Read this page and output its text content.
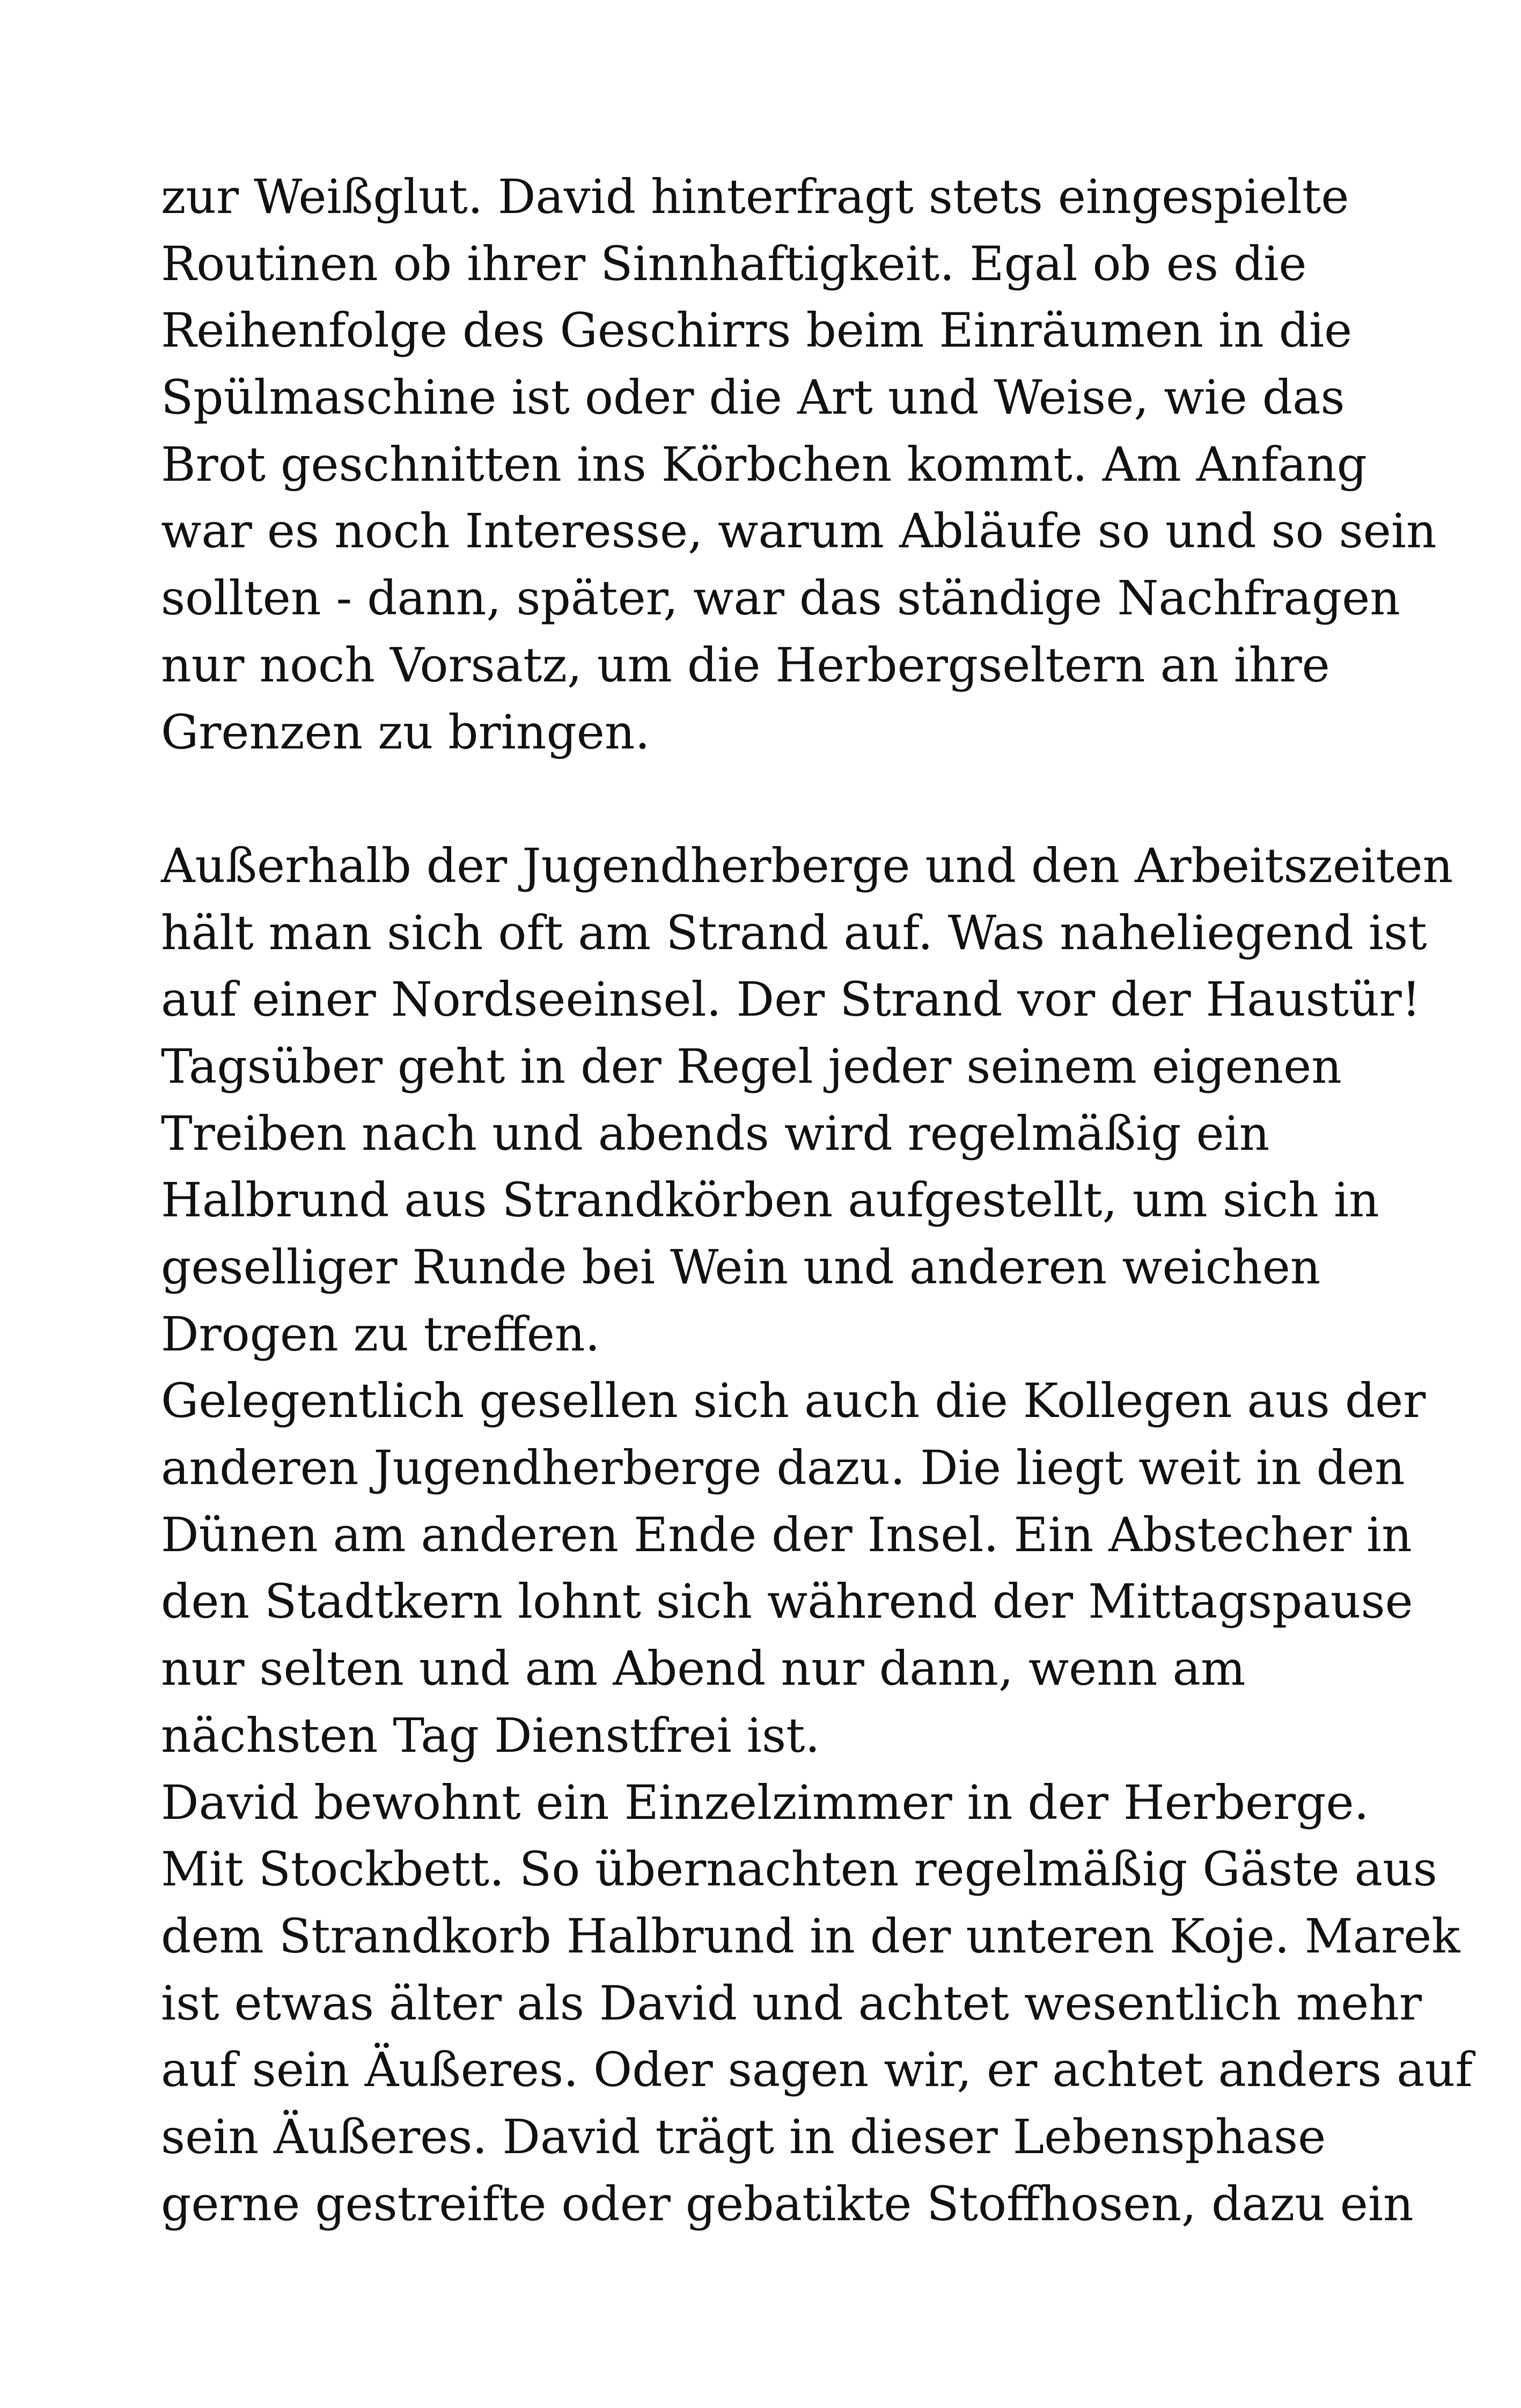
zur Weißglut. David hinterfragt stets eingespielte
Routinen ob ihrer Sinnhaftigkeit. Egal ob es die
Reihenfolge des Geschirrs beim Einräumen in die
Spülmaschine ist oder die Art und Weise, wie das
Brot geschnitten ins Körbchen kommt. Am Anfang
war es noch Interesse, warum Abläufe so und so sein
sollten - dann, später, war das ständige Nachfragen
nur noch Vorsatz, um die Herbergseltern an ihre
Grenzen zu bringen.
Außerhalb der Jugendherberge und den Arbeitszeiten
hält man sich oft am Strand auf. Was naheliegend ist
auf einer Nordseeinsel. Der Strand vor der Haustür!
Tagsüber geht in der Regel jeder seinem eigenen
Treiben nach und abends wird regelmäßig ein
Halbrund aus Strandkörben aufgestellt, um sich in
geselliger Runde bei Wein und anderen weichen
Drogen zu treffen.
Gelegentlich gesellen sich auch die Kollegen aus der
anderen Jugendherberge dazu. Die liegt weit in den
Dünen am anderen Ende der Insel. Ein Abstecher in
den Stadtkern lohnt sich während der Mittagspause
nur selten und am Abend nur dann, wenn am
nächsten Tag Dienstfrei ist.
David bewohnt ein Einzelzimmer in der Herberge.
Mit Stockbett. So übernachten regelmäßig Gäste aus
dem Strandkorb Halbrund in der unteren Koje. Marek
ist etwas älter als David und achtet wesentlich mehr
auf sein Äußeres. Oder sagen wir, er achtet anders auf
sein Äußeres. David trägt in dieser Lebensphase
gerne gestreifte oder gebatikte Stoffhosen, dazu ein
